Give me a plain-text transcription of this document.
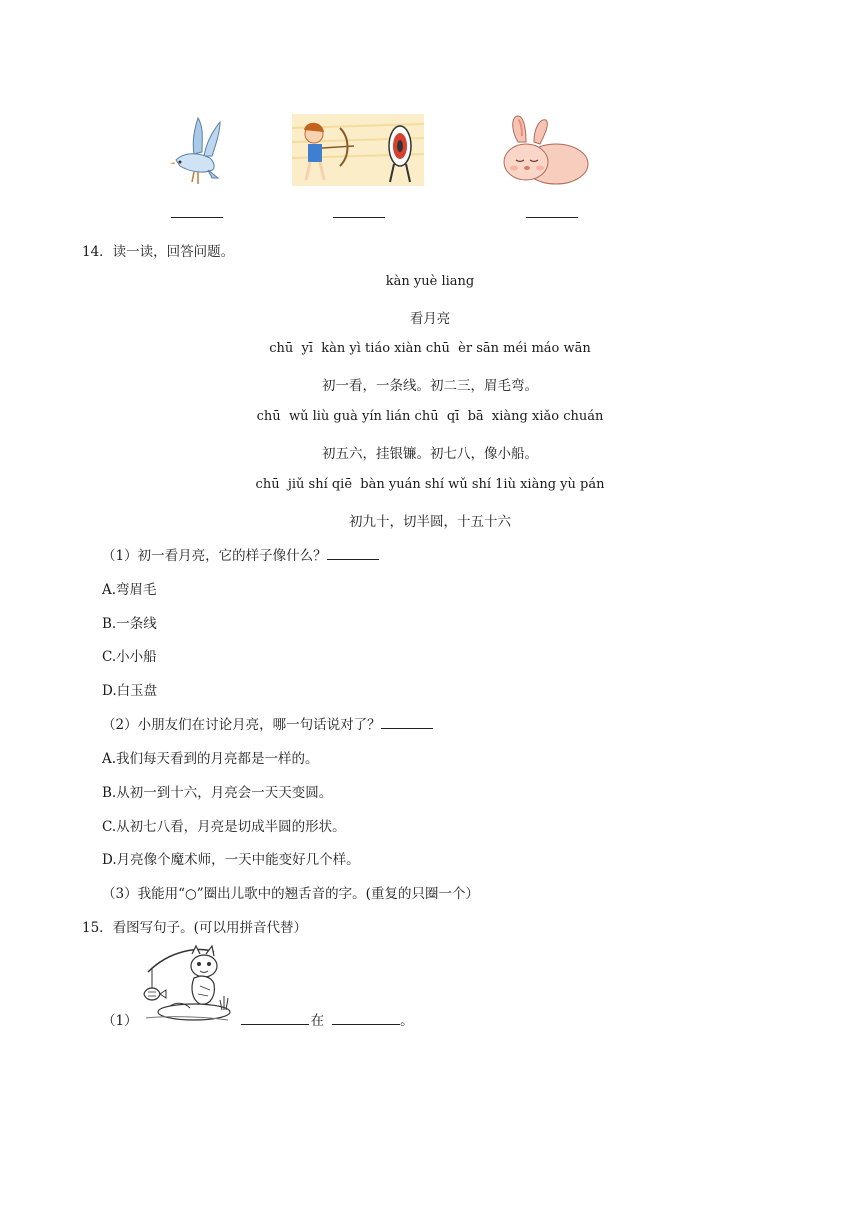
14．读一读，回答问题。
kàn yuè liang
看月亮
chū  yī  kàn yì tiáo xiàn chū  èr sān méi máo wān
初一看，一条线。初二三，眉毛弯。
chū  wǔ liù guà yín lián chū  qī  bā  xiàng xiǎo chuán
初五六，挂银镰。初七八，像小船。
chū  jiǔ shí qiē  bàn yuán shí wǔ shí 1iù xiàng yù pán
初九十，切半圆，十五十六
（1）初一看月亮，它的样子像什么？
A.弯眉毛
B.一条线
C.小小船
D.白玉盘
（2）小朋友们在讨论月亮，哪一句话说对了？
A.我们每天看到的月亮都是一样的。
B.从初一到十六，月亮会一天天变圆。
C.从初七八看，月亮是切成半圆的形状。
D.月亮像个魔术师，一天中能变好几个样。
（3）我能用“○”圈出儿歌中的翘舌音的字。(重复的只圈一个）
15．看图写句子。(可以用拼音代替）
（1）	在	。
